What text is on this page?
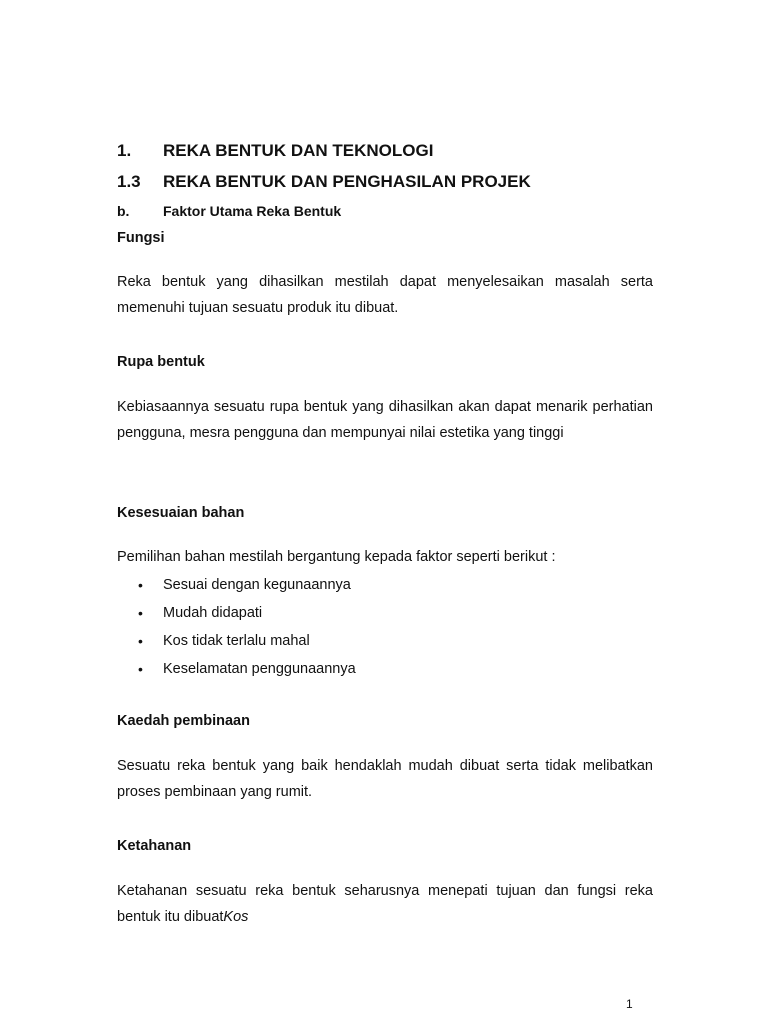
1. REKA BENTUK DAN TEKNOLOGI
1.3 REKA BENTUK DAN PENGHASILAN PROJEK
b. Faktor Utama Reka Bentuk
Fungsi
Reka bentuk yang dihasilkan mestilah dapat menyelesaikan masalah serta memenuhi tujuan sesuatu produk itu dibuat.
Rupa bentuk
Kebiasaannya sesuatu rupa bentuk yang dihasilkan akan dapat menarik perhatian pengguna, mesra pengguna dan mempunyai nilai estetika yang tinggi
Kesesuaian bahan
Pemilihan bahan mestilah bergantung kepada faktor seperti berikut :
• Sesuai dengan kegunaannya
• Mudah didapati
• Kos tidak terlalu mahal
• Keselamatan penggunaannya
Kaedah pembinaan
Sesuatu reka bentuk yang baik hendaklah mudah dibuat serta tidak melibatkan proses pembinaan yang rumit.
Ketahanan
Ketahanan sesuatu reka bentuk seharusnya menepati tujuan dan fungsi reka bentuk itu dibuatKos
1
